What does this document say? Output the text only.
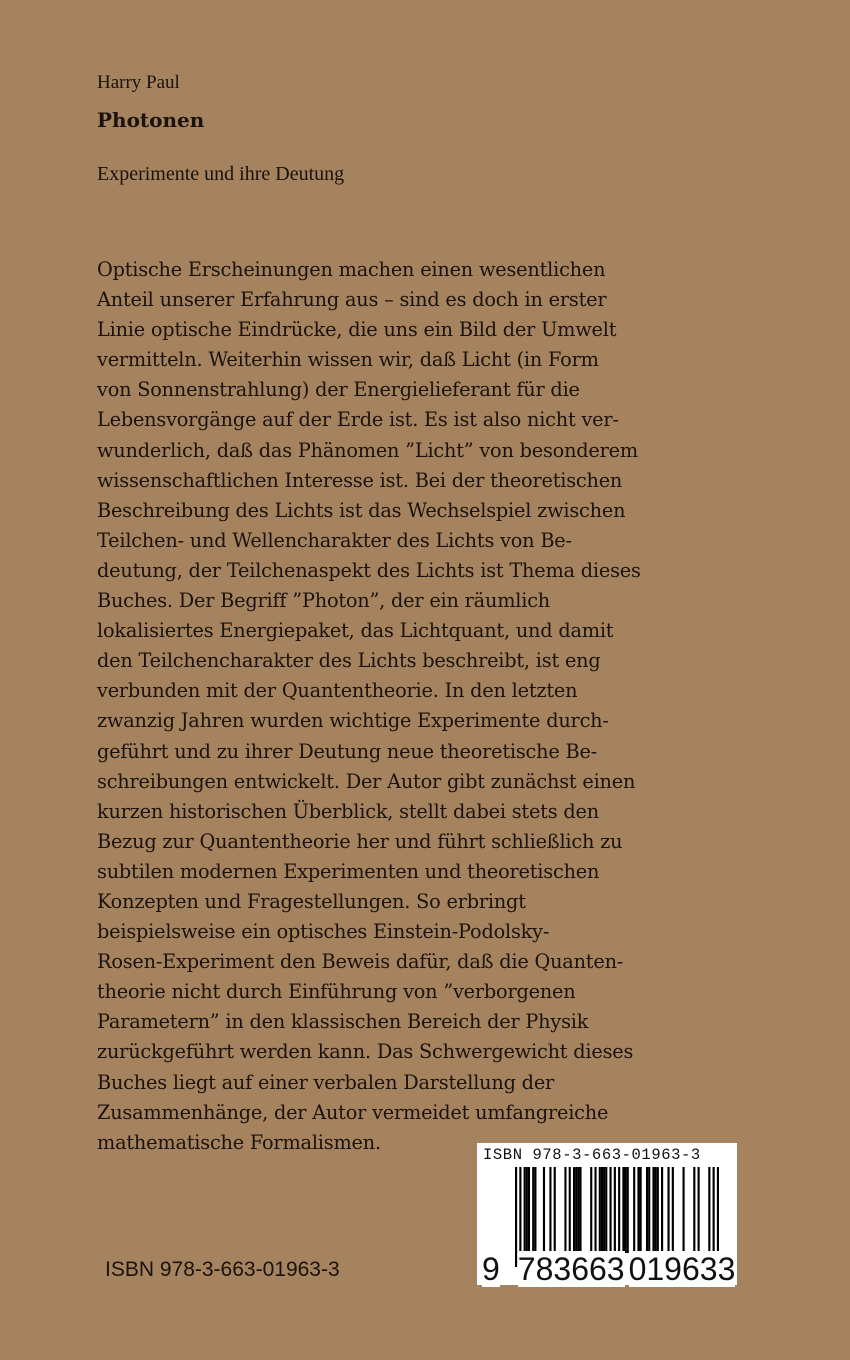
Harry Paul
Photonen
Experimente und ihre Deutung
Optische Erscheinungen machen einen wesentlichen
Anteil unserer Erfahrung aus – sind es doch in erster
Linie optische Eindrücke, die uns ein Bild der Umwelt
vermitteln. Weiterhin wissen wir, daß Licht (in Form
von Sonnenstrahlung) der Energielieferant für die
Lebensvorgänge auf der Erde ist. Es ist also nicht ver-
wunderlich, daß das Phänomen ”Licht” von besonderem
wissenschaftlichen Interesse ist. Bei der theoretischen
Beschreibung des Lichts ist das Wechselspiel zwischen
Teilchen- und Wellencharakter des Lichts von Be-
deutung, der Teilchenaspekt des Lichts ist Thema dieses
Buches. Der Begriff ”Photon”, der ein räumlich
lokalisiertes Energiepaket, das Lichtquant, und damit
den Teilchencharakter des Lichts beschreibt, ist eng
verbunden mit der Quantentheorie. In den letzten
zwanzig Jahren wurden wichtige Experimente durch-
geführt und zu ihrer Deutung neue theoretische Be-
schreibungen entwickelt. Der Autor gibt zunächst einen
kurzen historischen Überblick, stellt dabei stets den
Bezug zur Quantentheorie her und führt schließlich zu
subtilen modernen Experimenten und theoretischen
Konzepten und Fragestellungen. So erbringt
beispielsweise ein optisches Einstein-Podolsky-
Rosen-Experiment den Beweis dafür, daß die Quanten-
theorie nicht durch Einführung von ”verborgenen
Parametern” in den klassischen Bereich der Physik
zurückgeführt werden kann. Das Schwergewicht dieses
Buches liegt auf einer verbalen Darstellung der
Zusammenhänge, der Autor vermeidet umfangreiche
mathematische Formalismen.
ISBN 978-3-663-01963-3
9 783663 019633
ISBN 978-3-663-01963-3
